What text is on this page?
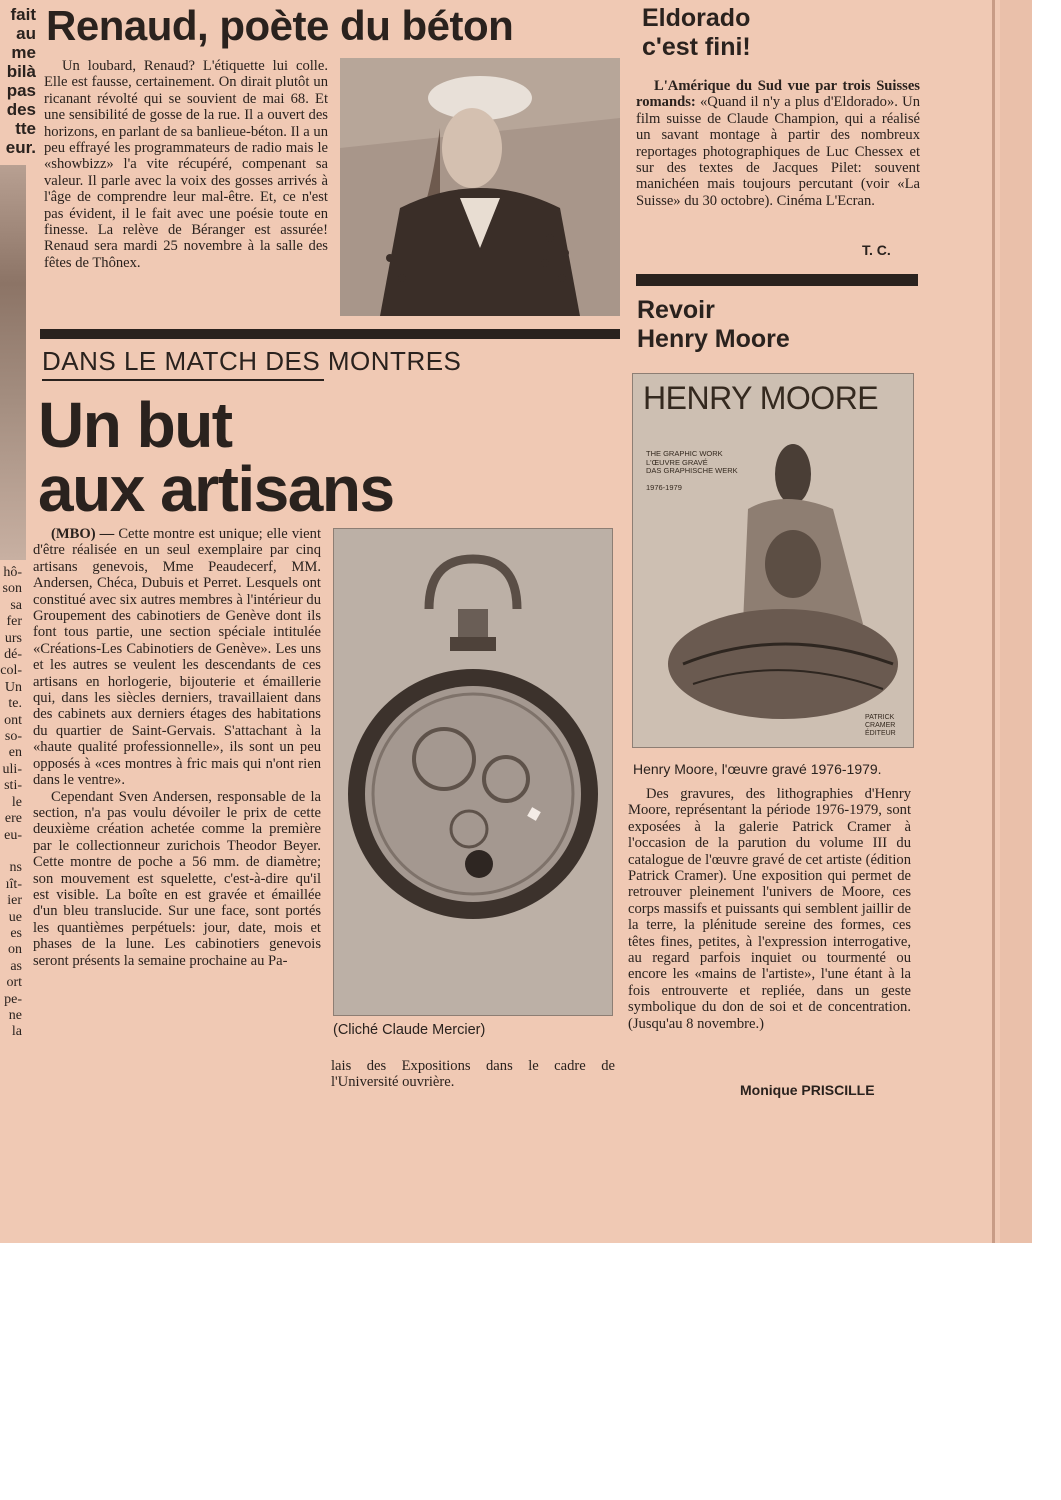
fait
au
me
bilà
pas
des
tte
eur.
hô-
son
sa
fer
urs
dé-
col-
Un
te.
ont
so-
en
uli-
sti-
le
ere
eu-

ns
ıît-
ier
ue
es
on
as
ort
pe-
ne
la
Renaud, poète du béton

Un loubard, Renaud? L'étiquette lui colle. Elle est fausse, certainement. On dirait plutôt un ricanant révolté qui se souvient de mai 68. Et une sensibilité de gosse de la rue. Il a ouvert des horizons, en parlant de sa banlieue-béton. Il a un peu effrayé les programmateurs de radio mais le «showbizz» l'a vite récupéré, compenant sa valeur. Il parle avec la voix des gosses arrivés à l'âge de comprendre leur mal-être. Et, ce n'est pas évident, il le fait avec une poésie toute en finesse. La relève de Béranger est assurée! Renaud sera mardi 25 novembre à la salle des fêtes de Thônex.

DANS LE MATCH DES MONTRES
Un but
aux artisans

(MBO) — Cette montre est unique; elle vient d'être réalisée en un seul exemplaire par cinq artisans genevois, Mme Peaudecerf, MM. Andersen, Chéca, Dubuis et Perret. Lesquels ont constitué avec six autres membres à l'intérieur du Groupement des cabinotiers de Genève dont ils font tous partie, une section spéciale intitulée «Créations-Les Cabinotiers de Genève». Les uns et les autres se veulent les descendants de ces artisans en horlogerie, bijouterie et émaillerie qui, dans les siècles derniers, travaillaient dans des cabinets aux derniers étages des habitations du quartier de Saint-Gervais. S'attachant à la «haute qualité professionnelle», ils sont un peu opposés à «ces montres à fric mais qui n'ont rien dans le ventre».

Cependant Sven Andersen, responsable de la section, n'a pas voulu dévoiler le prix de cette deuxième création achetée comme la première par le collectionneur zurichois Theodor Beyer. Cette montre de poche a 56 mm. de diamètre; son mouvement est squelette, c'est-à-dire qu'il est visible. La boîte en est gravée et émaillée d'un bleu translucide. Sur une face, sont portés les quantièmes perpétuels: jour, date, mois et phases de la lune. Les cabinotiers genevois seront présents la semaine prochaine au Pa-

(Cliché Claude Mercier)

lais des Expositions dans le cadre de l'Université ouvrière.

Eldorado
c'est fini!

L'Amérique du Sud vue par trois Suisses romands: «Quand il n'y a plus d'Eldorado». Un film suisse de Claude Champion, qui a réalisé un savant montage à partir des nombreux reportages photographiques de Luc Chessex et sur des textes de Jacques Pilet: souvent manichéen mais toujours percutant (voir «La Suisse» du 30 octobre). Cinéma L'Ecran.

T. C.
Revoir
Henry Moore
HENRY MOORE
THE GRAPHIC WORK
L'ŒUVRE GRAVÉ
DAS GRAPHISCHE WERK

1976-1979
PATRICK
CRAMER
ÉDITEUR
Henry Moore, l'œuvre gravé 1976-1979.

Des gravures, des lithographies d'Henry Moore, représentant la période 1976-1979, sont exposées à la galerie Patrick Cramer à l'occasion de la parution du volume III du catalogue de l'œuvre gravé de cet artiste (édition Patrick Cramer). Une exposition qui permet de retrouver pleinement l'univers de Moore, ces corps massifs et puissants qui semblent jaillir de la terre, la plénitude sereine des formes, ces têtes fines, petites, à l'expression interrogative, au regard parfois inquiet ou tourmenté ou encore les «mains de l'artiste», l'une étant à la fois entrouverte et repliée, dans un geste symbolique du don de soi et de concentration. (Jusqu'au 8 novembre.)

Monique PRISCILLE
